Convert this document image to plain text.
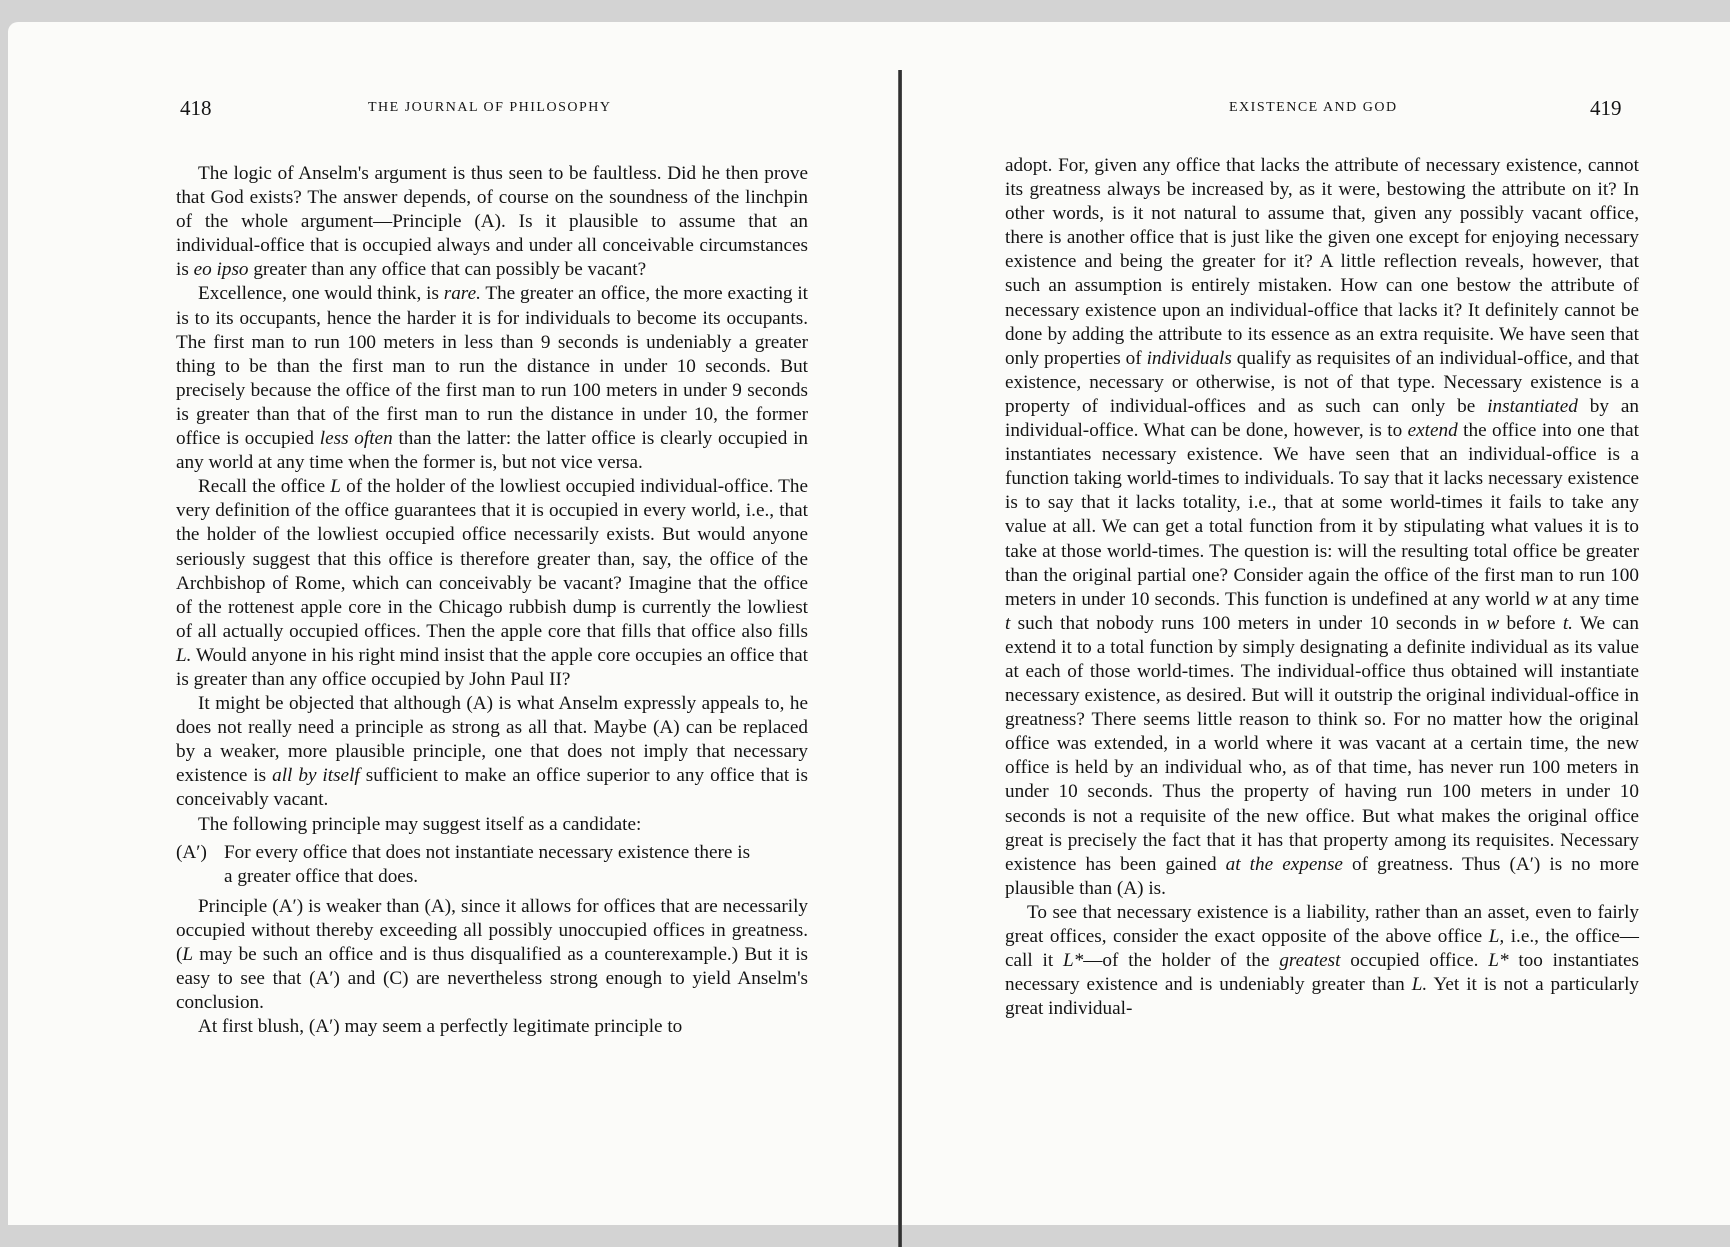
418	THE JOURNAL OF PHILOSOPHY

The logic of Anselm's argument is thus seen to be faultless. Did he then prove that God exists? The answer depends, of course on the soundness of the linchpin of the whole argument—Principle (A). Is it plausible to assume that an individual-office that is occupied always and under all conceivable circumstances is eo ipso greater than any office that can possibly be vacant?

Excellence, one would think, is rare. The greater an office, the more exacting it is to its occupants, hence the harder it is for individuals to become its occupants. The first man to run 100 meters in less than 9 seconds is undeniably a greater thing to be than the first man to run the distance in under 10 seconds. But precisely because the office of the first man to run 100 meters in under 9 seconds is greater than that of the first man to run the distance in under 10, the former office is occupied less often than the latter: the latter office is clearly occupied in any world at any time when the former is, but not vice versa.

Recall the office L of the holder of the lowliest occupied individual-office. The very definition of the office guarantees that it is occupied in every world, i.e., that the holder of the lowliest occupied office necessarily exists. But would anyone seriously suggest that this office is therefore greater than, say, the office of the Archbishop of Rome, which can conceivably be vacant? Imagine that the office of the rottenest apple core in the Chicago rubbish dump is currently the lowliest of all actually occupied offices. Then the apple core that fills that office also fills L. Would anyone in his right mind insist that the apple core occupies an office that is greater than any office occupied by John Paul II?

It might be objected that although (A) is what Anselm expressly appeals to, he does not really need a principle as strong as all that. Maybe (A) can be replaced by a weaker, more plausible principle, one that does not imply that necessary existence is all by itself sufficient to make an office superior to any office that is conceivably vacant.

The following principle may suggest itself as a candidate:

(A′) For every office that does not instantiate necessary existence there is a greater office that does.

Principle (A′) is weaker than (A), since it allows for offices that are necessarily occupied without thereby exceeding all possibly unoccupied offices in greatness. (L may be such an office and is thus disqualified as a counterexample.) But it is easy to see that (A′) and (C) are nevertheless strong enough to yield Anselm's conclusion.

At first blush, (A′) may seem a perfectly legitimate principle to

EXISTENCE AND GOD	419

adopt. For, given any office that lacks the attribute of necessary existence, cannot its greatness always be increased by, as it were, bestowing the attribute on it? In other words, is it not natural to assume that, given any possibly vacant office, there is another office that is just like the given one except for enjoying necessary existence and being the greater for it? A little reflection reveals, however, that such an assumption is entirely mistaken. How can one bestow the attribute of necessary existence upon an individual-office that lacks it? It definitely cannot be done by adding the attribute to its essence as an extra requisite. We have seen that only properties of individuals qualify as requisites of an individual-office, and that existence, necessary or otherwise, is not of that type. Necessary existence is a property of individual-offices and as such can only be instantiated by an individual-office. What can be done, however, is to extend the office into one that instantiates necessary existence. We have seen that an individual-office is a function taking world-times to individuals. To say that it lacks necessary existence is to say that it lacks totality, i.e., that at some world-times it fails to take any value at all. We can get a total function from it by stipulating what values it is to take at those world-times. The question is: will the resulting total office be greater than the original partial one? Consider again the office of the first man to run 100 meters in under 10 seconds. This function is undefined at any world w at any time t such that nobody runs 100 meters in under 10 seconds in w before t. We can extend it to a total function by simply designating a definite individual as its value at each of those world-times. The individual-office thus obtained will instantiate necessary existence, as desired. But will it outstrip the original individual-office in greatness? There seems little reason to think so. For no matter how the original office was extended, in a world where it was vacant at a certain time, the new office is held by an individual who, as of that time, has never run 100 meters in under 10 seconds. Thus the property of having run 100 meters in under 10 seconds is not a requisite of the new office. But what makes the original office great is precisely the fact that it has that property among its requisites. Necessary existence has been gained at the expense of greatness. Thus (A′) is no more plausible than (A) is.

To see that necessary existence is a liability, rather than an asset, even to fairly great offices, consider the exact opposite of the above office L, i.e., the office—call it L*—of the holder of the greatest occupied office. L* too instantiates necessary existence and is undeniably greater than L. Yet it is not a particularly great individual-
